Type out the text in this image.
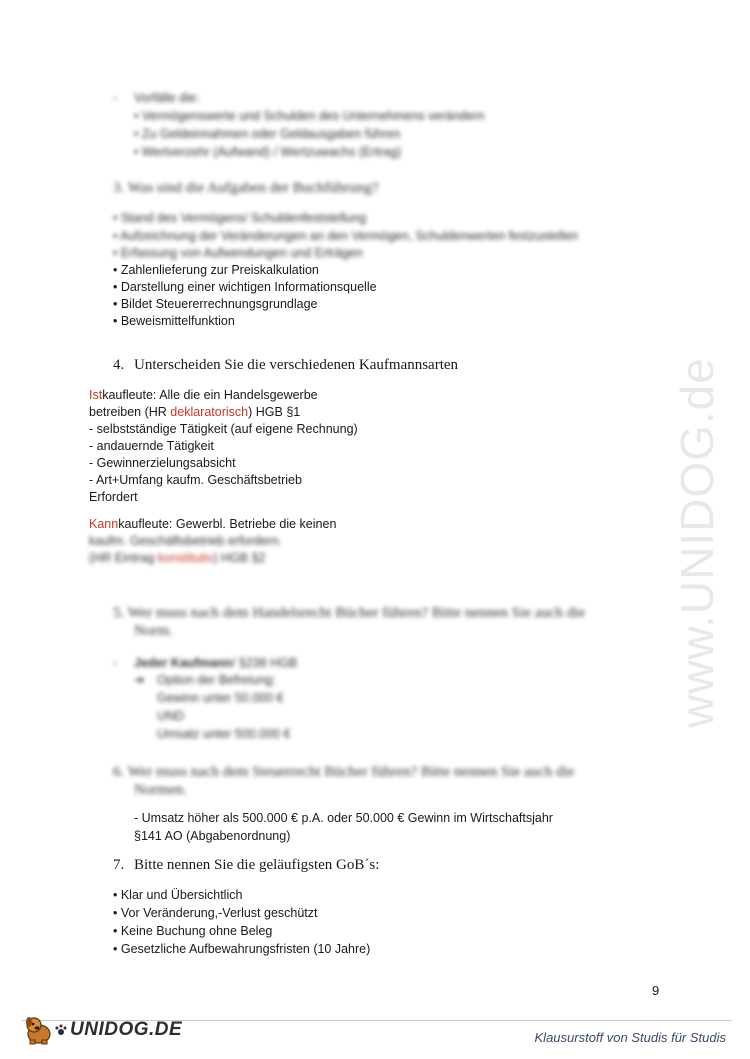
www.UNIDOG.de
- Vorfälle die:
• Vermögenswerte und Schulden des Unternehmens verändern
• Zu Geldeinnahmen oder Geldausgaben führen
• Wertverzehr (Aufwand) / Wertzuwachs (Ertrag)
3. Was sind die Aufgaben der Buchführung?
• Stand des Vermögens/ Schuldenfeststellung
• Aufzeichnung der Veränderungen an den Vermögen, Schuldenwerten festzustellen
• Erfassung von Aufwendungen und Erträgen
• Zahlenlieferung zur Preiskalkulation
• Darstellung einer wichtigen Informationsquelle
• Bildet Steuererrechnungsgrundlage
• Beweismittelfunktion
4. Unterscheiden Sie die verschiedenen Kaufmannsarten
Istkaufleute: Alle die ein Handelsgewerbe
betreiben (HR deklaratorisch) HGB §1
- selbstständige Tätigkeit (auf eigene Rechnung)
- andauernde Tätigkeit
- Gewinnerzielungsabsicht
- Art+Umfang kaufm. Geschäftsbetrieb
Erfordert
Kannkaufleute: Gewerbl. Betriebe die keinen
kaufm. Geschäftsbetrieb erfordern.
(HR Eintrag konstitutiv) HGB §2
5. Wer muss nach dem Handelsrecht Bücher führen? Bitte nennen Sie auch die
Norm.
- Jeder Kaufmann/ §238 HGB
➔ Option der Befreiung:
Gewinn unter 50.000 €
UND
Umsatz unter 500.000 €
6. Wer muss nach dem Steuerrecht Bücher führen? Bitte nennen Sie auch die
Normen.
- Umsatz höher als 500.000 € p.A. oder 50.000 € Gewinn im Wirtschaftsjahr
§141 AO (Abgabenordnung)
7. Bitte nennen Sie die geläufigsten GoB´s:
• Klar und Übersichtlich
• Vor Veränderung,-Verlust geschützt
• Keine Buchung ohne Beleg
• Gesetzliche Aufbewahrungsfristen (10 Jahre)
9
UNIDOG.DE	Klausurstoff von Studis für Studis
